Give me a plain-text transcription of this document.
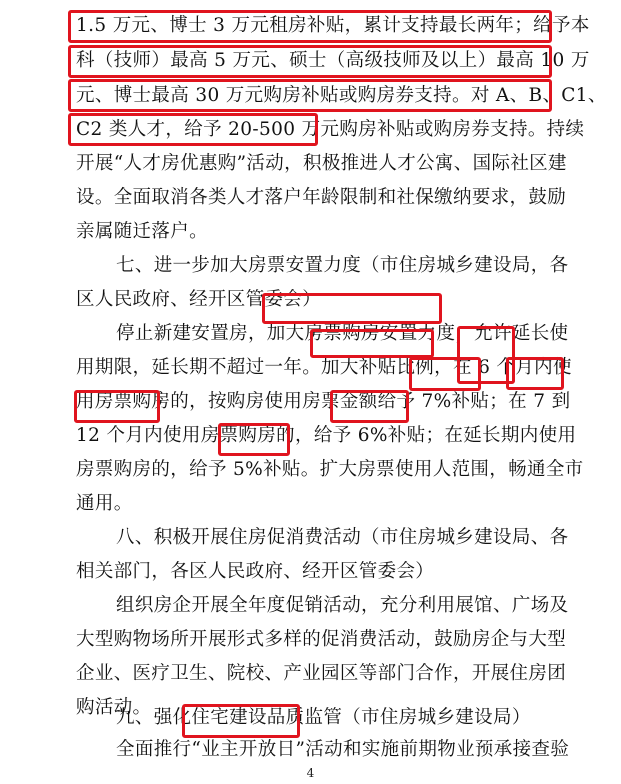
1.5 万元、博士 3 万元租房补贴，累计支持最长两年；给予本
科（技师）最高 5 万元、硕士（高级技师及以上）最高 10 万
元、博士最高 30 万元购房补贴或购房券支持。对 A、B、C1、
C2 类人才，给予 20-500 万元购房补贴或购房券支持。持续
开展“人才房优惠购”活动，积极推进人才公寓、国际社区建
设。全面取消各类人才落户年龄限制和社保缴纳要求，鼓励
亲属随迁落户。
七、进一步加大房票安置力度（市住房城乡建设局，各
区人民政府、经开区管委会）
停止新建安置房，加大房票购房安置力度，允许延长使
用期限，延长期不超过一年。加大补贴比例，在 6 个月内使
用房票购房的，按购房使用房票金额给予 7%补贴；在 7 到
12 个月内使用房票购房的，给予 6%补贴；在延长期内使用
房票购房的，给予 5%补贴。扩大房票使用人范围，畅通全市
通用。
八、积极开展住房促消费活动（市住房城乡建设局、各
相关部门，各区人民政府、经开区管委会）
组织房企开展全年度促销活动，充分利用展馆、广场及
大型购物场所开展形式多样的促消费活动，鼓励房企与大型
企业、医疗卫生、院校、产业园区等部门合作，开展住房团
购活动。
九、强化住宅建设品质监管（市住房城乡建设局）
全面推行“业主开放日”活动和实施前期物业预承接查验
4
